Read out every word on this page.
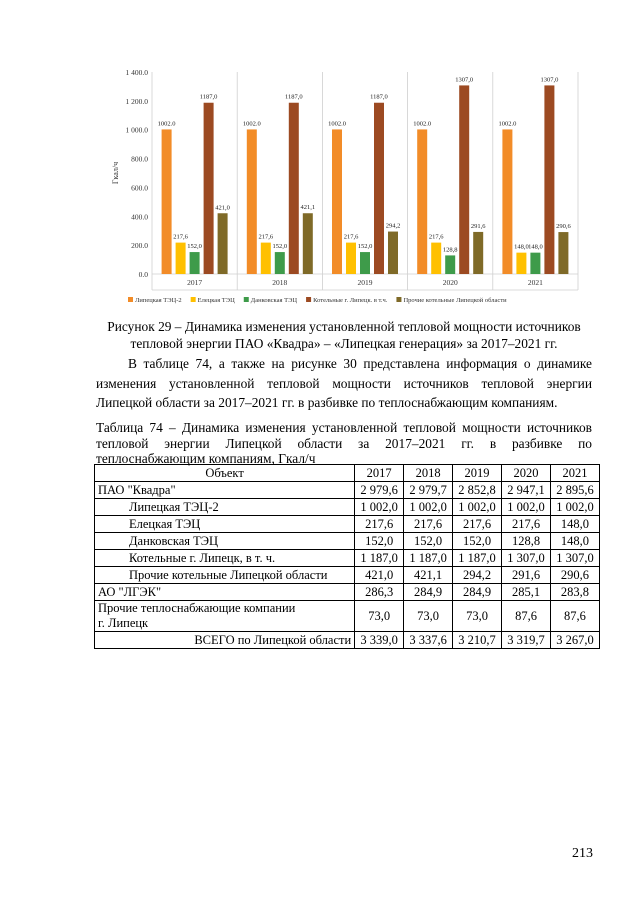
0.0
200.0
400.0
600.0
800.0
1 000.0
1 200.0
1 400.0
Гкал/ч
1002.0
217,6
152,0
1187,0
421,0
2017
1002.0
217,6
152,0
1187,0
421,1
2018
1002.0
217,6
152,0
1187,0
294,2
2019
1002.0
217,6
128,8
1307,0
291,6
2020
1002.0
148,0 148,0
1307,0
290,6
2021
Липецкая ТЭЦ-2 Елецкая ТЭЦ Данковская ТЭЦ Котельные г. Липецк. в т.ч. Прочие котельные Липецкой области
Рисунок 29 – Динамика изменения установленной тепловой мощности источников тепловой энергии ПАО «Квадра» – «Липецкая генерация» за 2017–2021 гг.
В таблице 74, а также на рисунке 30 представлена информация о динамике изменения установленной тепловой мощности источников тепловой энергии Липецкой области за 2017–2021 гг. в разбивке по теплоснабжающим компаниям.
Таблица 74 – Динамика изменения установленной тепловой мощности источников тепловой энергии Липецкой области за 2017–2021 гг. в разбивке по
теплоснабжающим компаниям, Гкал/ч
Объект	2017	2018	2019	2020	2021
ПАО "Квадра"	2 979,6	2 979,7	2 852,8	2 947,1	2 895,6
Липецкая ТЭЦ-2	1 002,0	1 002,0	1 002,0	1 002,0	1 002,0
Елецкая ТЭЦ	217,6	217,6	217,6	217,6	148,0
Данковская ТЭЦ	152,0	152,0	152,0	128,8	148,0
Котельные г. Липецк, в т. ч.	1 187,0	1 187,0	1 187,0	1 307,0	1 307,0
Прочие котельные Липецкой области	421,0	421,1	294,2	291,6	290,6
АО "ЛГЭК"	286,3	284,9	284,9	285,1	283,8
Прочие теплоснабжающие компании
г. Липецк	73,0	73,0	73,0	87,6	87,6
ВСЕГО по Липецкой области	3 339,0	3 337,6	3 210,7	3 319,7	3 267,0
213
